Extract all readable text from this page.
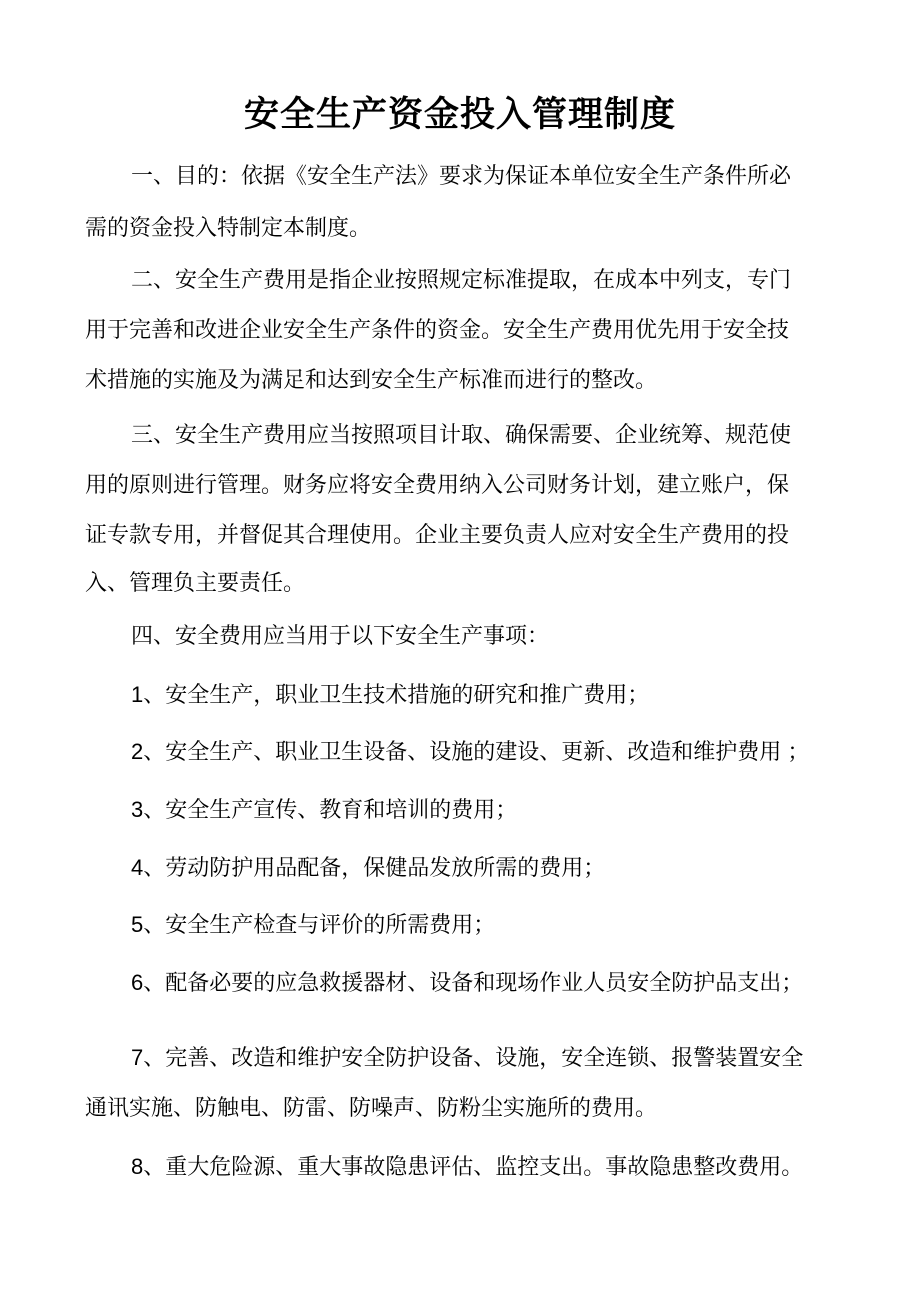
安全生产资金投入管理制度
一、目的：依据《安全生产法》要求为保证本单位安全生产条件所必
需的资金投入特制定本制度。
二、安全生产费用是指企业按照规定标准提取，在成本中列支，专门
用于完善和改进企业安全生产条件的资金。安全生产费用优先用于安全技
术措施的实施及为满足和达到安全生产标准而进行的整改。
三、安全生产费用应当按照项目计取、确保需要、企业统筹、规范使
用的原则进行管理。财务应将安全费用纳入公司财务计划，建立账户，保
证专款专用，并督促其合理使用。企业主要负责人应对安全生产费用的投
入、管理负主要责任。
四、安全费用应当用于以下安全生产事项：
1、安全生产，职业卫生技术措施的研究和推广费用；
2、安全生产、职业卫生设备、设施的建设、更新、改造和维护费用 ；
3、安全生产宣传、教育和培训的费用；
4、劳动防护用品配备，保健品发放所需的费用；
5、安全生产检查与评价的所需费用；
6、配备必要的应急救援器材、设备和现场作业人员安全防护品支出；
7、完善、改造和维护安全防护设备、设施，安全连锁、报警装置安全
通讯实施、防触电、防雷、防噪声、防粉尘实施所的费用。
8、重大危险源、重大事故隐患评估、监控支出。事故隐患整改费用。
